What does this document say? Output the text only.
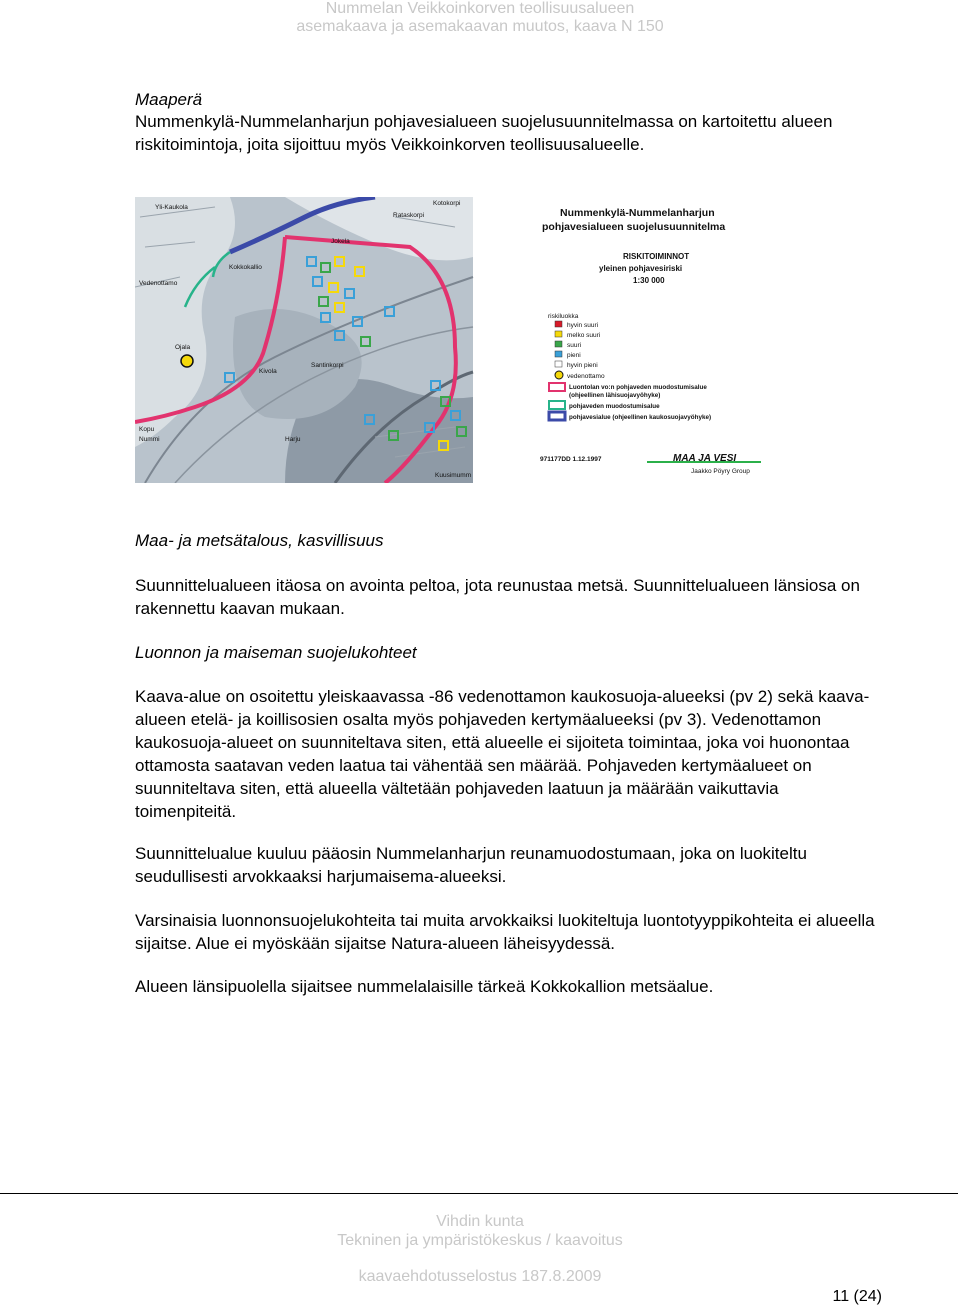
Nummelan Veikkoinkorven teollisuusalueen
asemakaava ja asemakaavan muutos, kaava N 150
Maaperä

Nummenkylä-Nummelanharjun pohjavesialueen suojelusuunnitelmassa on kartoitettu alueen riskitoimintoja, joita sijoittuu myös Veikkoinkorven teollisuusalueelle.

Yli-Kaukola
Rataskorpi
Kotokorpi
Jokela
Kokkokallio
Vedenottamo
Santinkorpi
Harju
Kopu
Nummi
Ojala
Kivola
Kuusimumm
Nummenkylä-Nummelanharjun
pohjavesialueen suojelusuunnitelma
RISKITOIMINNOT
yleinen pohjavesiriski
1:30 000
riskiluokka
hyvin suuri
melko suuri
suuri
pieni
hyvin pieni
vedenottamo
Luontolan vo:n pohjaveden muodostumisalue
(ohjeellinen lähisuojavyöhyke)
pohjaveden muodostumisalue
pohjavesialue (ohjeellinen kaukosuojavyöhyke)
971177DD 1.12.1997	MAA JA VESI
Jaakko Pöyry Group
Maa- ja metsätalous, kasvillisuus

Suunnittelualueen itäosa on avointa peltoa, jota reunustaa metsä. Suunnittelualueen länsiosa on rakennettu kaavan mukaan.

Luonnon ja maiseman suojelukohteet

Kaava-alue on osoitettu yleiskaavassa -86 vedenottamon kaukosuoja-alueeksi (pv 2) sekä kaava-alueen etelä- ja koillisosien osalta myös pohjaveden kertymäalueeksi (pv 3). Vedenottamon kaukosuoja-alueet on suunniteltava siten, että alueelle ei sijoiteta toimintaa, joka voi huonontaa ottamosta saatavan veden laatua tai vähentää sen määrää. Pohjaveden kertymäalueet on suunniteltava siten, että alueella vältetään pohjaveden laatuun ja määrään vaikuttavia toimenpiteitä.

Suunnittelualue kuuluu pääosin Nummelanharjun reunamuodostumaan, joka on luokiteltu seudullisesti arvokkaaksi harjumaisema-alueeksi.

Varsinaisia luonnonsuojelukohteita tai muita arvokkaiksi luokiteltuja luontotyyppikohteita ei alueella sijaitse. Alue ei myöskään sijaitse Natura-alueen läheisyydessä.

Alueen länsipuolella sijaitsee nummelalaisille tärkeä Kokkokallion metsäalue.

Vihdin kunta
Tekninen ja ympäristökeskus / kaavoitus
kaavaehdotusselostus 187.8.2009
11 (24)
